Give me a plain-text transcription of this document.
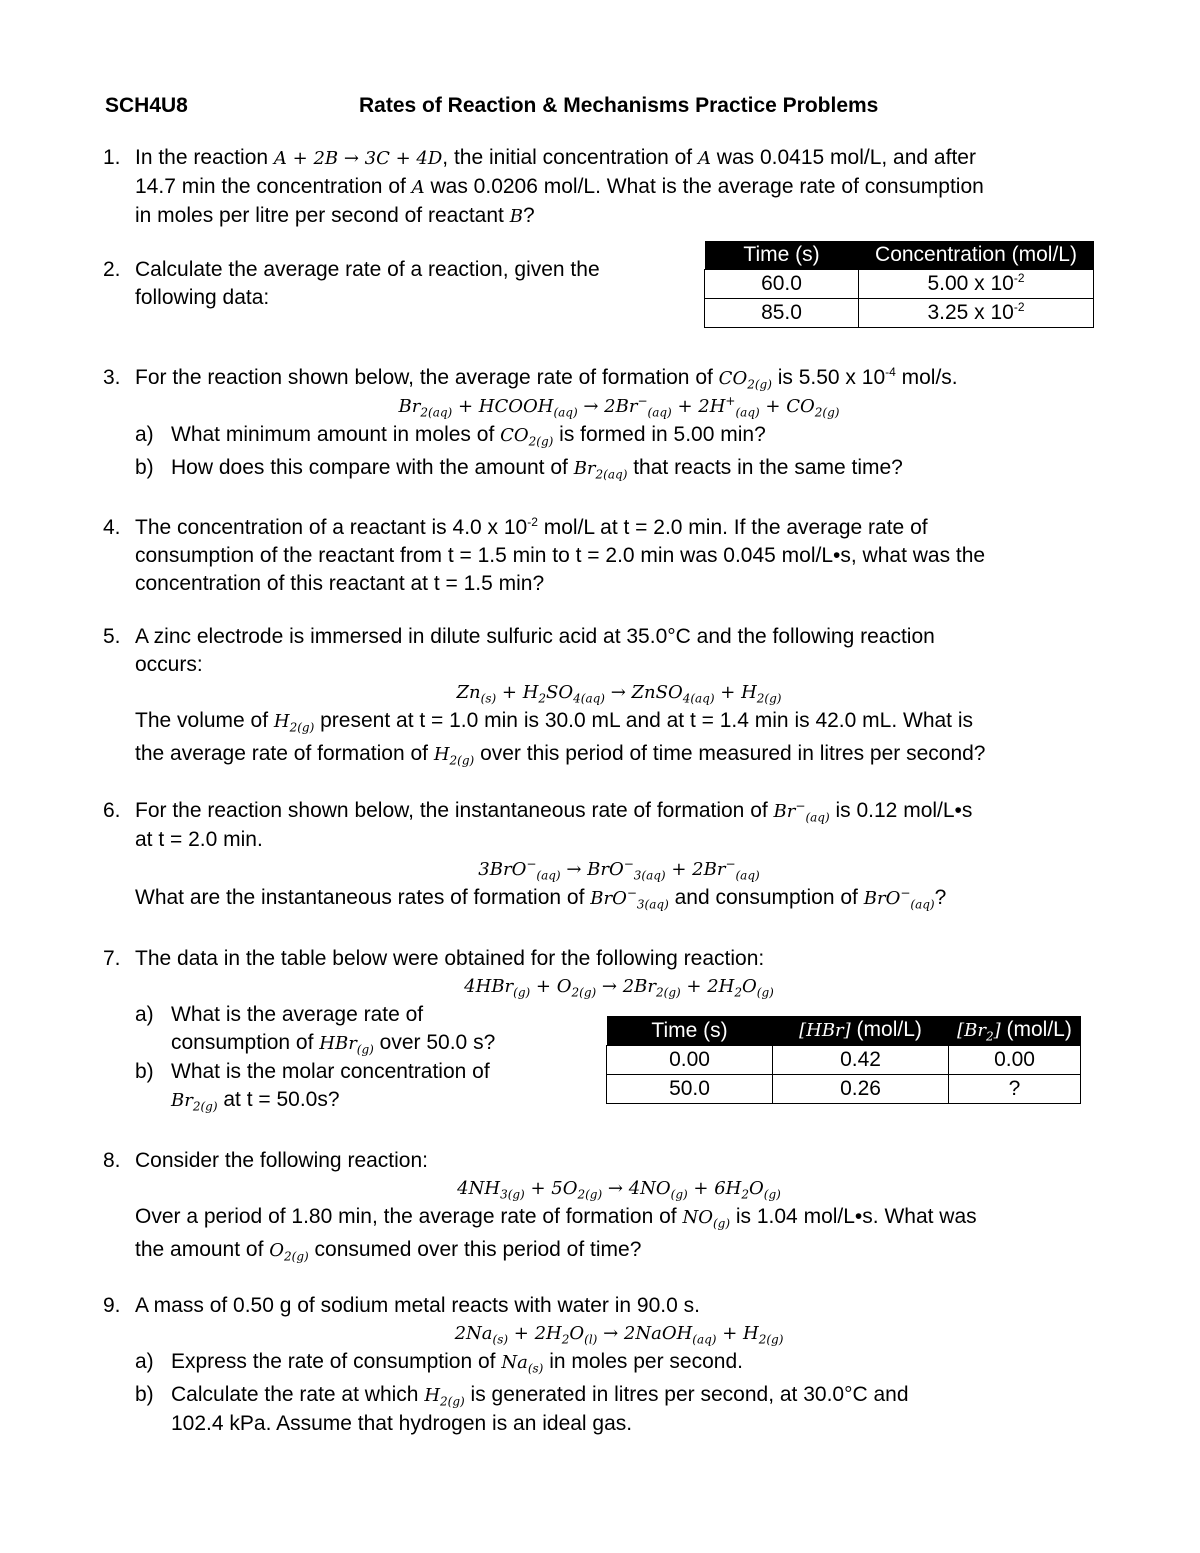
SCH4U8	Rates of Reaction & Mechanisms Practice Problems
1. In the reaction A + 2B → 3C + 4D, the initial concentration of A was 0.0415 mol/L, and after
14.7 min the concentration of A was 0.0206 mol/L. What is the average rate of consumption
in moles per litre per second of reactant B?
2. Calculate the average rate of a reaction, given the
following data:
Time (s)	Concentration (mol/L)
60.0	5.00 x $10^{-2}$
85.0	3.25 x $10^{-2}$
3. For the reaction shown below, the average rate of formation of $CO_{2(g)}$ is 5.50 x $10^{-4}$ mol/s.
$Br_{2(aq)}$ + $HCOOH_{(aq)} \to 2Br^-_{(aq)} + 2H^+_{(aq)} + CO_{2(g)}$
a) What minimum amount in moles of $CO_{2(g)}$ is formed in 5.00 min?
b) How does this compare with the amount of $Br_{2(aq)}$ that reacts in the same time?
4. The concentration of a reactant is 4.0 x $10^{-2}$ mol/L at t = 2.0 min. If the average rate of
consumption of the reactant from t = 1.5 min to t = 2.0 min was 0.045 mol/L•s, what was the
concentration of this reactant at t = 1.5 min?
5. A zinc electrode is immersed in dilute sulfuric acid at 35.0°C and the following reaction
occurs:
$Zn_{(s)} + H_2SO_{4(aq)}$ → ZnSO$_{4(aq)}$ + $H_{2(g)}$
The volume of $H_{2(g)}$ present at t = 1.0 min is 30.0 mL and at t = 1.4 min is 42.0 mL. What is
the average rate of formation of $H_{2(g)}$ over this period of time measured in litres per second?
6. For the reaction shown below, the instantaneous rate of formation of $Br^-_{(aq)}$ is 0.12 mol/L•s
at t = 2.0 min.
$3BrO^-_{(aq)} \to BrO^-_{3(aq)} + 2Br^-_{(aq)}$
What are the instantaneous rates of formation of BrO−$_{3(aq)}$ and consumption of BrO−$_{(aq)}$?
7. The data in the table below were obtained for the following reaction:
$4HBr_{(g)} + O_{2(g)} \to 2Br_{2(g)} + 2H_2O_{(g)}$
a) What is the average rate of
consumption of HBr$_{(g)}$ over 50.0 s?
b) What is the molar concentration of
$Br_{2(g)}$ at t = 50.0s?
Time (s)	[HBr] (mol/L)	$[Br_2]$ (mol/L)
0.00	0.42	0.00
50.0	0.26	?
8. Consider the following reaction:
$4NH_{3(g)} + 5O_{2(g)} \to 4NO_{(g)} + 6H_2O_{(g)}$
Over a period of 1.80 min, the average rate of formation of $NO_{(g)}$ is 1.04 mol/L•s. What was
the amount of $O_{2(g)}$ consumed over this period of time?
9. A mass of 0.50 g of sodium metal reacts with water in 90.0 s.
$2Na_{(s)} + 2H_2O_{(l)}$ → 2NaOH$_{(aq)}$ + $H_{2(g)}$
a) Express the rate of consumption of $Na_{(s)}$ in moles per second.
b) Calculate the rate at which $H_{2(g)}$ is generated in litres per second, at 30.0°C and
102.4 kPa. Assume that hydrogen is an ideal gas.
